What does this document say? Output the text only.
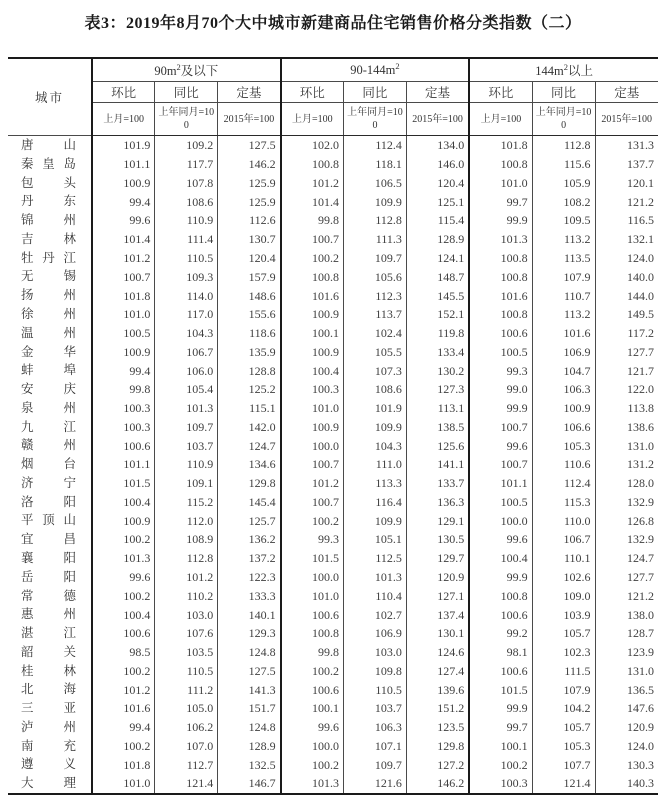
表3：2019年8月70个大中城市新建商品住宅销售价格分类指数（二）
城市	$90m^2$及以下			$90-144m^2$			$144m^2$以上		
	环比	同比	定基	环比	同比	定基	环比	同比	定基

	上月=100	上年同月=100	2015年=100	上月=100	上年同月=100	2015年=100	上月=100	上年同月=100	2015年=100

唐山	101.9	109.2	127.5	102.0	112.4	134.0	101.8	112.8	131.3

秦皇岛	101.1	117.7	146.2	100.8	118.1	146.0	100.8	115.6	137.7

包头	100.9	107.8	125.9	101.2	106.5	120.4	101.0	105.9	120.1

丹东	99.4	108.6	125.9	101.4	109.9	125.1	99.7	108.2	121.2

锦州	99.6	110.9	112.6	99.8	112.8	115.4	99.9	109.5	116.5

吉林	101.4	111.4	130.7	100.7	111.3	128.9	101.3	113.2	132.1

牡丹江	101.2	110.5	120.4	100.2	109.7	124.1	100.8	113.5	124.0

无锡	100.7	109.3	157.9	100.8	105.6	148.7	100.8	107.9	140.0

扬州	101.8	114.0	148.6	101.6	112.3	145.5	101.6	110.7	144.0

徐州	101.0	117.0	155.6	100.9	113.7	152.1	100.8	113.2	149.5

温州	100.5	104.3	118.6	100.1	102.4	119.8	100.6	101.6	117.2

金华	100.9	106.7	135.9	100.9	105.5	133.4	100.5	106.9	127.7

蚌埠	99.4	106.0	128.8	100.4	107.3	130.2	99.3	104.7	121.7

安庆	99.8	105.4	125.2	100.3	108.6	127.3	99.0	106.3	122.0

泉州	100.3	101.3	115.1	101.0	101.9	113.1	99.9	100.9	113.8

九江	100.3	109.7	142.0	100.9	109.9	138.5	100.7	106.6	138.6

赣州	100.6	103.7	124.7	100.0	104.3	125.6	99.6	105.3	131.0

烟台	101.1	110.9	134.6	100.7	111.0	141.1	100.7	110.6	131.2

济宁	101.5	109.1	129.8	101.2	113.3	133.7	101.1	112.4	128.0

洛阳	100.4	115.2	145.4	100.7	116.4	136.3	100.5	115.3	132.9

平顶山	100.9	112.0	125.7	100.2	109.9	129.1	100.0	110.0	126.8

宜昌	100.2	108.9	136.2	99.3	105.1	130.5	99.6	106.7	132.9

襄阳	101.3	112.8	137.2	101.5	112.5	129.7	100.4	110.1	124.7

岳阳	99.6	101.2	122.3	100.0	101.3	120.9	99.9	102.6	127.7

常德	100.2	110.2	133.3	101.0	110.4	127.1	100.8	109.0	121.2

惠州	100.4	103.0	140.1	100.6	102.7	137.4	100.6	103.9	138.0

湛江	100.6	107.6	129.3	100.8	106.9	130.1	99.2	105.7	128.7

韶关	98.5	103.5	124.8	99.8	103.0	124.6	98.1	102.3	123.9

桂林	100.2	110.5	127.5	100.2	109.8	127.4	100.6	111.5	131.0

北海	101.2	111.2	141.3	100.6	110.5	139.6	101.5	107.9	136.5

三亚	101.6	105.0	151.7	100.1	103.7	151.2	99.9	104.2	147.6

泸州	99.4	106.2	124.8	99.6	106.3	123.5	99.7	105.7	120.9

南充	100.2	107.0	128.9	100.0	107.1	129.8	100.1	105.3	124.0

遵义	101.8	112.7	132.5	100.2	109.7	127.2	100.2	107.7	130.3

大理	101.0	121.4	146.7	101.3	121.6	146.2	100.3	121.4	140.3
